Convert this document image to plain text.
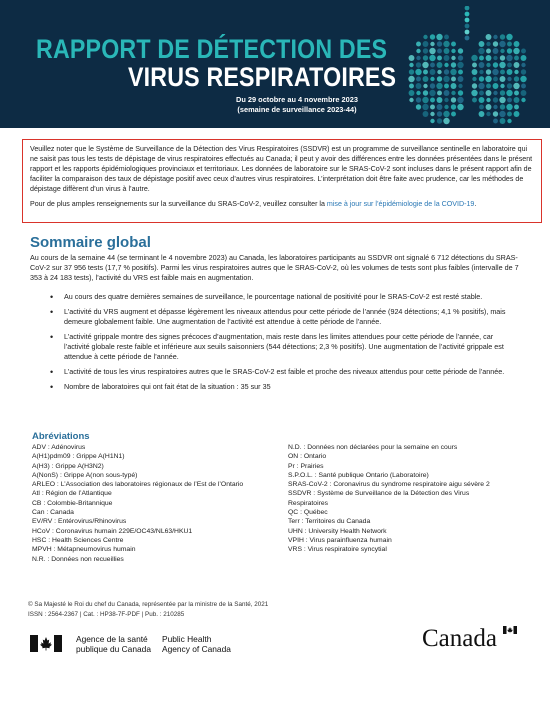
RAPPORT DE DÉTECTION DES
VIRUS RESPIRATOIRES
Du 29 octobre au 4 novembre 2023
(semaine de surveillance 2023-44)

Veuillez noter que le Système de Surveillance de la Détection des Virus Respiratoires (SSDVR) est un programme de surveillance sentinelle en laboratoire qui ne saisit pas tous les tests de dépistage de virus respiratoires effectués au Canada; il peut y avoir des différences entre les données présentées dans le présent rapport et les rapports épidémiologiques provinciaux et territoriaux. Les données de laboratoire sur le SRAS-CoV-2 sont incluses dans le présent rapport afin de faciliter la comparaison des taux de dépistage positif avec ceux d’autres virus respiratoires. L’interprétation doit être faite avec prudence, car les méthodes de dépistage diffèrent d’un virus à l’autre.

Pour de plus amples renseignements sur la surveillance du SRAS-CoV-2, veuillez consulter la mise à jour sur l’épidémiologie de la COVID-19.

Sommaire global

Au cours de la semaine 44 (se terminant le 4 novembre 2023) au Canada, les laboratoires participants au SSDVR ont signalé 6 712 détections du SRAS-CoV-2 sur 37 956 tests (17,7 % positifs). Parmi les virus respiratoires autres que le SRAS-CoV-2, où les volumes de tests sont plus faibles (intervalle de 7 353 à 24 183 tests), l’activité du VRS est faible mais en augmentation.

• Au cours des quatre dernières semaines de surveillance, le pourcentage national de positivité pour le SRAS-CoV-2 est resté stable.
• L’activité du VRS augment et dépasse légèrement les niveaux attendus pour cette période de l’année (924 détections; 4,1 % positifs), mais demeure globalement faible. Une augmentation de l’activité est attendue à cette période de l’année.
• L’activité grippale montre des signes précoces d’augmentation, mais reste dans les limites attendues pour cette période de l’année, car l’activité globale reste faible et inférieure aux seuils saisonniers (544 détections; 2,3 % positifs). Une augmentation de l’activité grippale est attendue à cette période de l’année.
• L’activité de tous les virus respiratoires autres que le SRAS-CoV-2 est faible et proche des niveaux attendus pour cette période de l’année.
• Nombre de laboratoires qui ont fait état de la situation : 35 sur 35
Abréviations
ADV : Adénovirus
A(H1)pdm09 : Grippe A(H1N1)
A(H3) : Grippe A(H3N2)
A(NonS) : Grippe A(non sous-typé)
ARLEO : L’Association des laboratoires régionaux de l’Est de l’Ontario
Atl : Région de l’Atlantique
CB : Colombie-Britannique
Can : Canada
EV/RV : Entérovirus/Rhinovirus
HCoV : Coronavirus humain 229E/OC43/NL63/HKU1
HSC : Health Sciences Centre
MPVH : Métapneumovirus humain
N.R. : Données non recueillies
N.D. : Données non déclarées pour la semaine en cours
ON : Ontario
Pr : Prairies
S.P.O.L. : Santé publique Ontario (Laboratoire)
SRAS-CoV-2 : Coronavirus du syndrome respiratoire aigu sévère 2
SSDVR : Système de Surveillance de la Détection des Virus Respiratoires
QC : Québec
Terr : Territoires du Canada
UHN : University Health Network
VPIH : Virus parainfluenza humain
VRS : Virus respiratoire syncytial
© Sa Majesté le Roi du chef du Canada, représentée par la ministre de la Santé, 2021
ISSN : 2564-2367 | Cat. : HP38-7F-PDF | Pub. : 210285
Agence de la santé
publique du Canada
Public Health
Agency of Canada	Canada
